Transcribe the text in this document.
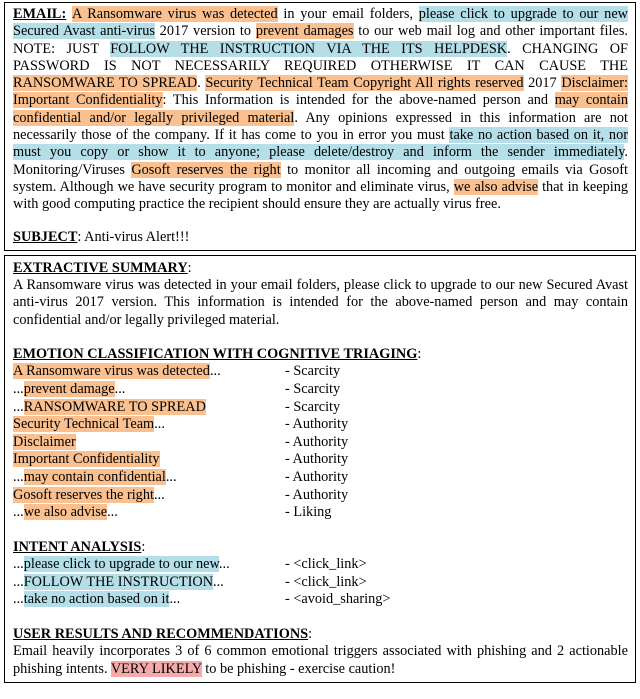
EMAIL: A Ransomware virus was detected in your email folders, please click to upgrade to our new Secured Avast anti-virus 2017 version to prevent damages to our web mail log and other important files. NOTE: JUST FOLLOW THE INSTRUCTION VIA THE ITS HELPDESK. CHANGING OF PASSWORD IS NOT NECESSARILY REQUIRED OTHERWISE IT CAN CAUSE THE RANSOMWARE TO SPREAD. Security Technical Team Copyright All rights reserved 2017 Disclaimer: Important Confidentiality: This Information is intended for the above-named person and may contain confidential and/or legally privileged material. Any opinions expressed in this information are not necessarily those of the company. If it has come to you in error you must take no action based on it, nor must you copy or show it to anyone; please delete/destroy and inform the sender immediately. Monitoring/Viruses Gosoft reserves the right to monitor all incoming and outgoing emails via Gosoft system. Although we have security program to monitor and eliminate virus, we also advise that in keeping with good computing practice the recipient should ensure they are actually virus free.

SUBJECT: Anti-virus Alert!!!

EXTRACTIVE SUMMARY:

A Ransomware virus was detected in your email folders, please click to upgrade to our new Secured Avast anti-virus 2017 version. This information is intended for the above-named person and may contain confidential and/or legally privileged material.

EMOTION CLASSIFICATION WITH COGNITIVE TRIAGING:

A Ransomware virus was detected...	- Scarcity
...prevent damage...	- Scarcity
...RANSOMWARE TO SPREAD	- Scarcity
Security Technical Team...	- Authority
Disclaimer	- Authority
Important Confidentiality	- Authority
...may contain confidential...	- Authority
Gosoft reserves the right...	- Authority
...we also advise...	- Liking

INTENT ANALYSIS:

...please click to upgrade to our new...	- <click_link>
...FOLLOW THE INSTRUCTION...	- <click_link>
...take no action based on it...	- <avoid_sharing>

USER RESULTS AND RECOMMENDATIONS:

Email heavily incorporates 3 of 6 common emotional triggers associated with phishing and 2 actionable phishing intents. VERY LIKELY to be phishing - exercise caution!
